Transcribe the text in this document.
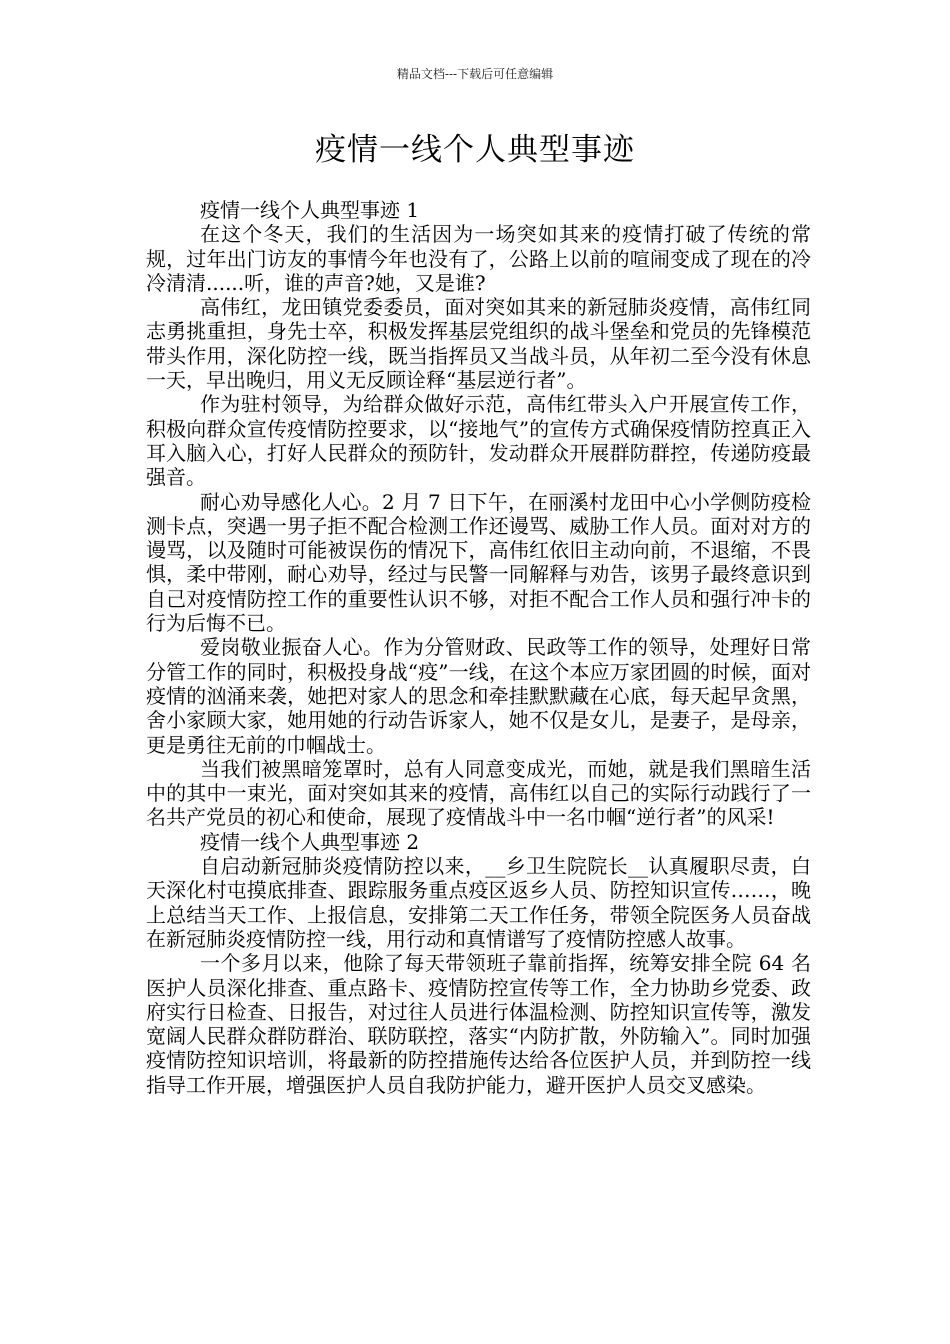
精品文档---下载后可任意编辑
疫情一线个人典型事迹

疫情一线个人典型事迹 1

在这个冬天，我们的生活因为一场突如其来的疫情打破了传统的常规，过年出门访友的事情今年也没有了，公路上以前的喧闹变成了现在的冷冷清清......听，谁的声音?她，又是谁?

高伟红，龙田镇党委委员，面对突如其来的新冠肺炎疫情，高伟红同志勇挑重担，身先士卒，积极发挥基层党组织的战斗堡垒和党员的先锋模范带头作用，深化防控一线，既当指挥员又当战斗员，从年初二至今没有休息一天，早出晚归，用义无反顾诠释“基层逆行者”。

作为驻村领导，为给群众做好示范，高伟红带头入户开展宣传工作，积极向群众宣传疫情防控要求，以“接地气”的宣传方式确保疫情防控真正入耳入脑入心，打好人民群众的预防针，发动群众开展群防群控，传递防疫最强音。

耐心劝导感化人心。2 月 7 日下午，在丽溪村龙田中心小学侧防疫检测卡点，突遇一男子拒不配合检测工作还谩骂、威胁工作人员。面对对方的谩骂，以及随时可能被误伤的情况下，高伟红依旧主动向前，不退缩，不畏惧，柔中带刚，耐心劝导，经过与民警一同解释与劝告，该男子最终意识到自己对疫情防控工作的重要性认识不够，对拒不配合工作人员和强行冲卡的行为后悔不已。

爱岗敬业振奋人心。作为分管财政、民政等工作的领导，处理好日常分管工作的同时，积极投身战“疫”一线，在这个本应万家团圆的时候，面对疫情的汹涌来袭，她把对家人的思念和牵挂默默藏在心底，每天起早贪黑，舍小家顾大家，她用她的行动告诉家人，她不仅是女儿，是妻子，是母亲，更是勇往无前的巾帼战士。

当我们被黑暗笼罩时，总有人同意变成光，而她，就是我们黑暗生活中的其中一束光，面对突如其来的疫情，高伟红以自己的实际行动践行了一名共产党员的初心和使命，展现了疫情战斗中一名巾帼“逆行者”的风采!

疫情一线个人典型事迹 2

自启动新冠肺炎疫情防控以来，__乡卫生院院长__认真履职尽责，白天深化村屯摸底排查、跟踪服务重点疫区返乡人员、防控知识宣传……，晚上总结当天工作、上报信息，安排第二天工作任务，带领全院医务人员奋战在新冠肺炎疫情防控一线，用行动和真情谱写了疫情防控感人故事。

一个多月以来，他除了每天带领班子靠前指挥，统筹安排全院 64 名医护人员深化排查、重点路卡、疫情防控宣传等工作，全力协助乡党委、政府实行日检查、日报告，对过往人员进行体温检测、防控知识宣传等，激发宽阔人民群众群防群治、联防联控，落实“内防扩散，外防输入”。同时加强疫情防控知识培训，将最新的防控措施传达给各位医护人员，并到防控一线指导工作开展，增强医护人员自我防护能力，避开医护人员交叉感染。
